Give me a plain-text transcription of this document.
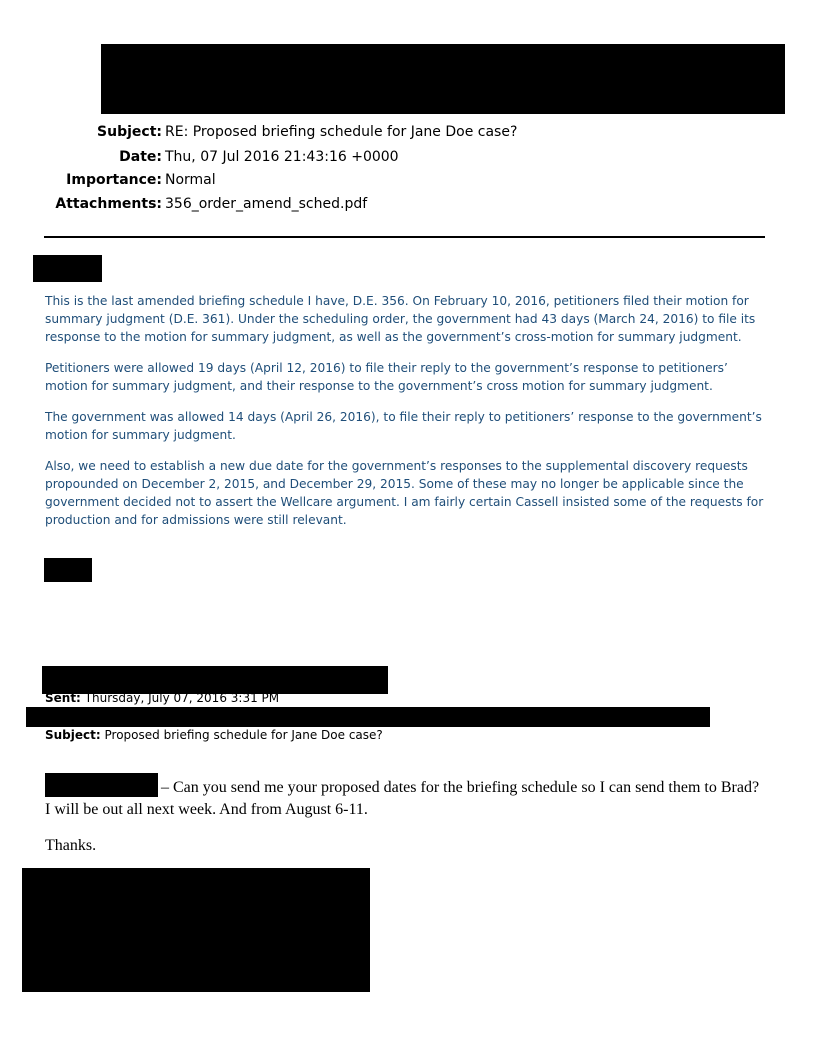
Subject: RE: Proposed briefing schedule for Jane Doe case?
Date: Thu, 07 Jul 2016 21:43:16 +0000
Importance: Normal
Attachments: 356_order_amend_sched.pdf

This is the last amended briefing schedule I have, D.E. 356. On February 10, 2016, petitioners filed their motion for summary judgment (D.E. 361). Under the scheduling order, the government had 43 days (March 24, 2016) to file its response to the motion for summary judgment, as well as the government’s cross-motion for summary judgment.

Petitioners were allowed 19 days (April 12, 2016) to file their reply to the government’s response to petitioners’ motion for summary judgment, and their response to the government’s cross motion for summary judgment.

The government was allowed 14 days (April 26, 2016), to file their reply to petitioners’ response to the government’s motion for summary judgment.

Also, we need to establish a new due date for the government’s responses to the supplemental discovery requests propounded on December 2, 2015, and December 29, 2015. Some of these may no longer be applicable since the government decided not to assert the Wellcare argument. I am fairly certain Cassell insisted some of the requests for production and for admissions were still relevant.

Sent: Thursday, July 07, 2016 3:31 PM
Subject: Proposed briefing schedule for Jane Doe case?

– Can you send me your proposed dates for the briefing schedule so I can send them to Brad?

I will be out all next week. And from August 6-11.

Thanks.
